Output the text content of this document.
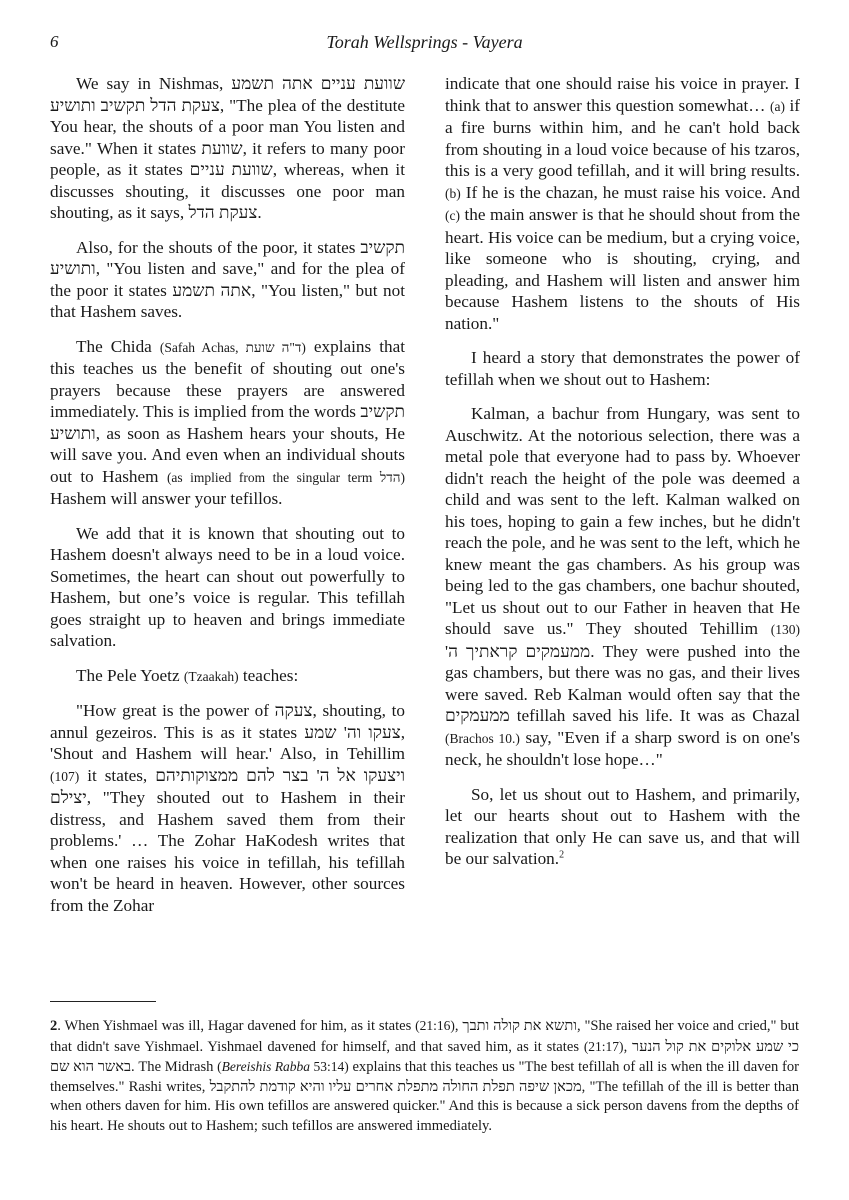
6	Torah Wellsprings - Vayera

We say in Nishmas, שוועת עניים אתה תשמע צעקת הדל תקשיב ותושיע, "The plea of the destitute You hear, the shouts of a poor man You listen and save." When it states שוועת, it refers to many poor people, as it states שוועת עניים, whereas, when it discusses shouting, it discusses one poor man shouting, as it says, צעקת הדל.

Also, for the shouts of the poor, it states תקשיב ותושיע, "You listen and save," and for the plea of the poor it states אתה תשמע, "You listen," but not that Hashem saves.

The Chida (Safah Achas, ד"ה שועת) explains that this teaches us the benefit of shouting out one's prayers because these prayers are answered immediately. This is implied from the words תקשיב ותושיע, as soon as Hashem hears your shouts, He will save you. And even when an individual shouts out to Hashem (as implied from the singular term הדל) Hashem will answer your tefillos.

We add that it is known that shouting out to Hashem doesn't always need to be in a loud voice. Sometimes, the heart can shout out powerfully to Hashem, but one’s voice is regular. This tefillah goes straight up to heaven and brings immediate salvation.

The Pele Yoetz (Tzaakah) teaches:

"How great is the power of צעקה, shouting, to annul gezeiros. This is as it states צעקו וה' שמע, 'Shout and Hashem will hear.' Also, in Tehillim (107) it states, ויצעקו אל ה' בצר להם ממצוקותיהם יצילם, "They shouted out to Hashem in their distress, and Hashem saved them from their problems.' … The Zohar HaKodesh writes that when one raises his voice in tefillah, his tefillah won't be heard in heaven. However, other sources from the Zohar

indicate that one should raise his voice in prayer. I think that to answer this question somewhat… (a) if a fire burns within him, and he can't hold back from shouting in a loud voice because of his tzaros, this is a very good tefillah, and it will bring results. (b) If he is the chazan, he must raise his voice. And (c) the main answer is that he should shout from the heart. His voice can be medium, but a crying voice, like someone who is shouting, crying, and pleading, and Hashem will listen and answer him because Hashem listens to the shouts of His nation."

I heard a story that demonstrates the power of tefillah when we shout out to Hashem:

Kalman, a bachur from Hungary, was sent to Auschwitz. At the notorious selection, there was a metal pole that everyone had to pass by. Whoever didn't reach the height of the pole was deemed a child and was sent to the left. Kalman walked on his toes, hoping to gain a few inches, but he didn't reach the pole, and he was sent to the left, which he knew meant the gas chambers. As his group was being led to the gas chambers, one bachur shouted, "Let us shout out to our Father in heaven that He should save us." They shouted Tehillim (130) ממעמקים קראתיך ה'. They were pushed into the gas chambers, but there was no gas, and their lives were saved. Reb Kalman would often say that the ממעמקים tefillah saved his life. It was as Chazal (Brachos 10.) say, "Even if a sharp sword is on one's neck, he shouldn't lose hope…"

So, let us shout out to Hashem, and primarily, let our hearts shout out to Hashem with the realization that only He can save us, and that will be our salvation.$^2$

2. When Yishmael was ill, Hagar davened for him, as it states (21:16), ותשא את קולה ותבך, "She raised her voice and cried," but that didn't save Yishmael. Yishmael davened for himself, and that saved him, as it states (21:17), כי שמע אלוקים את קול הנער באשר הוא שם. The Midrash (Bereishis Rabba 53:14) explains that this teaches us "The best tefillah of all is when the ill daven for themselves." Rashi writes, מכאן שיפה תפלת החולה מתפלת אחרים עליו והיא קודמת להתקבל, "The tefillah of the ill is better than when others daven for him. His own tefillos are answered quicker." And this is because a sick person davens from the depths of his heart. He shouts out to Hashem; such tefillos are answered immediately.
